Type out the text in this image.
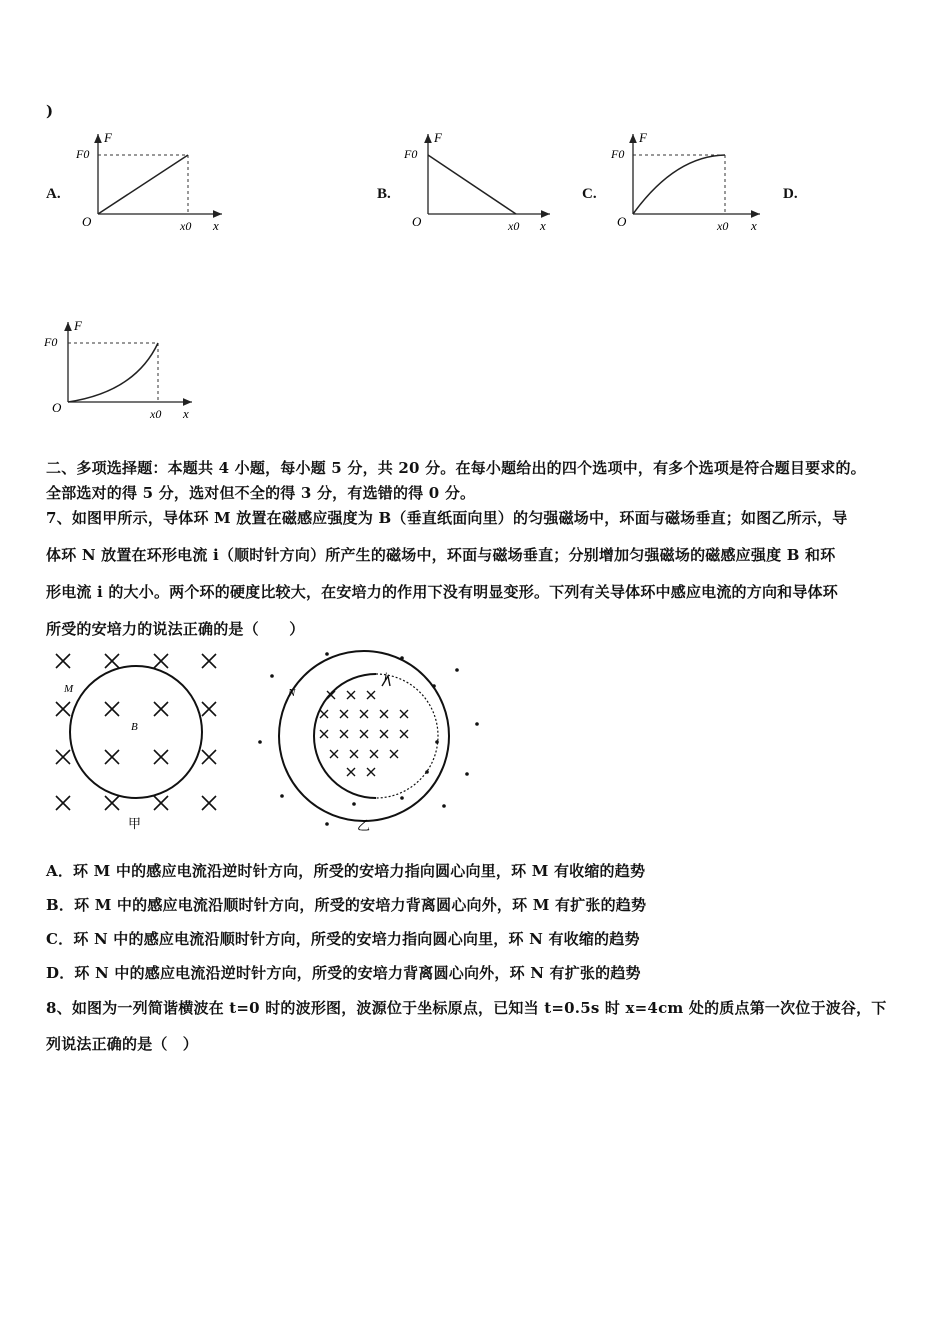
)
A.
F
F0
O	x0 x
B.
F
F0
O	x0 x
C.
F
F0
O	x0 x
D.
F
F0
O	x0 x
二、多项选择题：本题共 4 小题，每小题 5 分，共 20 分。在每小题给出的四个选项中，有多个选项是符合题目要求的。
全部选对的得 5 分，选对但不全的得 3 分，有选错的得 0 分。
7、如图甲所示，导体环 M 放置在磁感应强度为 B（垂直纸面向里）的匀强磁场中，环面与磁场垂直；如图乙所示，导
体环 N 放置在环形电流 i（顺时针方向）所产生的磁场中，环面与磁场垂直；分别增加匀强磁场的磁感应强度 B 和环
形电流 i 的大小。两个环的硬度比较大，在安培力的作用下没有明显变形。下列有关导体环中感应电流的方向和导体环
所受的安培力的说法正确的是（　　）
M
B
甲
i
N
乙
A．环 M 中的感应电流沿逆时针方向，所受的安培力指向圆心向里，环 M 有收缩的趋势
B．环 M 中的感应电流沿顺时针方向，所受的安培力背离圆心向外，环 M 有扩张的趋势
C．环 N 中的感应电流沿顺时针方向，所受的安培力指向圆心向里，环 N 有收缩的趋势
D．环 N 中的感应电流沿逆时针方向，所受的安培力背离圆心向外，环 N 有扩张的趋势
8、如图为一列简谐横波在 t=0 时的波形图，波源位于坐标原点，已知当 t=0.5s 时 x=4cm 处的质点第一次位于波谷，下
列说法正确的是（　）
